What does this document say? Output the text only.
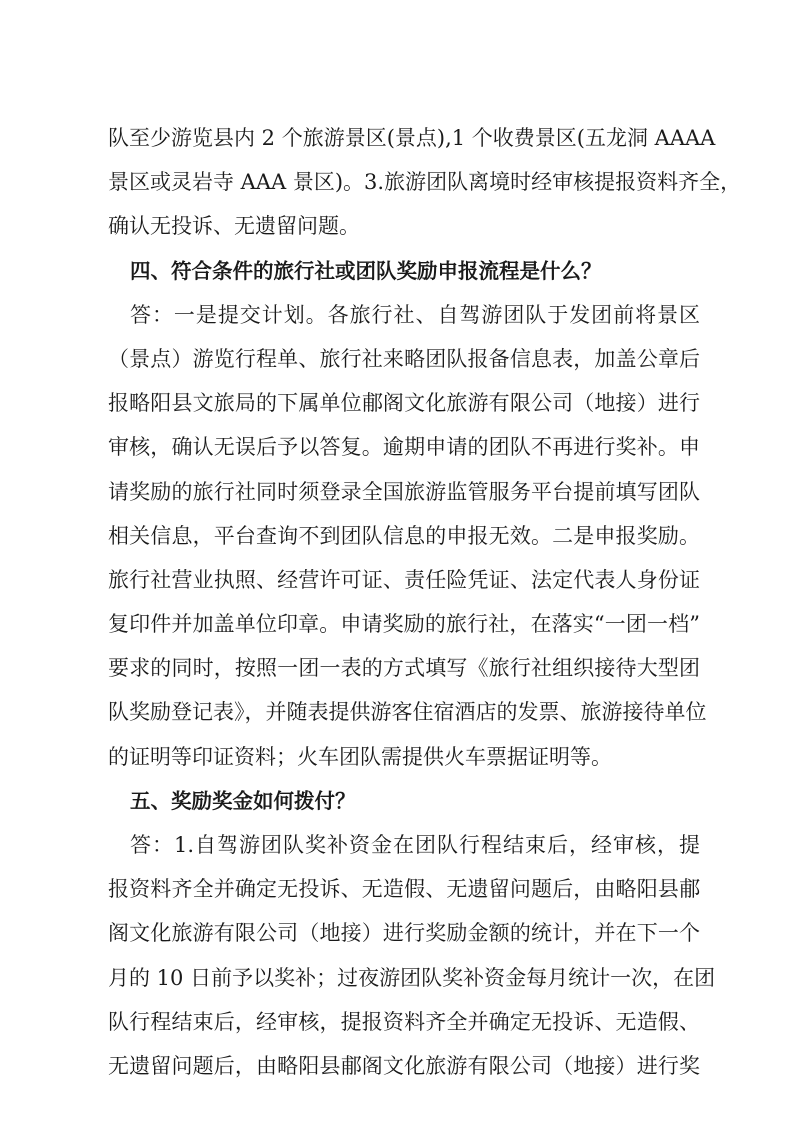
队至少游览县内 2 个旅游景区(景点),1 个收费景区(五龙洞 AAAA
景区或灵岩寺 AAA 景区)。3.旅游团队离境时经审核提报资料齐全，
确认无投诉、无遗留问题。
四、符合条件的旅行社或团队奖励申报流程是什么？
答：一是提交计划。各旅行社、自驾游团队于发团前将景区
（景点）游览行程单、旅行社来略团队报备信息表，加盖公章后
报略阳县文旅局的下属单位郙阁文化旅游有限公司（地接）进行
审核，确认无误后予以答复。逾期申请的团队不再进行奖补。申
请奖励的旅行社同时须登录全国旅游监管服务平台提前填写团队
相关信息，平台查询不到团队信息的申报无效。二是申报奖励。
旅行社营业执照、经营许可证、责任险凭证、法定代表人身份证
复印件并加盖单位印章。申请奖励的旅行社，在落实“一团一档”
要求的同时，按照一团一表的方式填写《旅行社组织接待大型团
队奖励登记表》，并随表提供游客住宿酒店的发票、旅游接待单位
的证明等印证资料；火车团队需提供火车票据证明等。
五、奖励奖金如何拨付？
答：1.自驾游团队奖补资金在团队行程结束后，经审核，提
报资料齐全并确定无投诉、无造假、无遗留问题后，由略阳县郙
阁文化旅游有限公司（地接）进行奖励金额的统计，并在下一个
月的 10 日前予以奖补；过夜游团队奖补资金每月统计一次，在团
队行程结束后，经审核，提报资料齐全并确定无投诉、无造假、
无遗留问题后，由略阳县郙阁文化旅游有限公司（地接）进行奖
